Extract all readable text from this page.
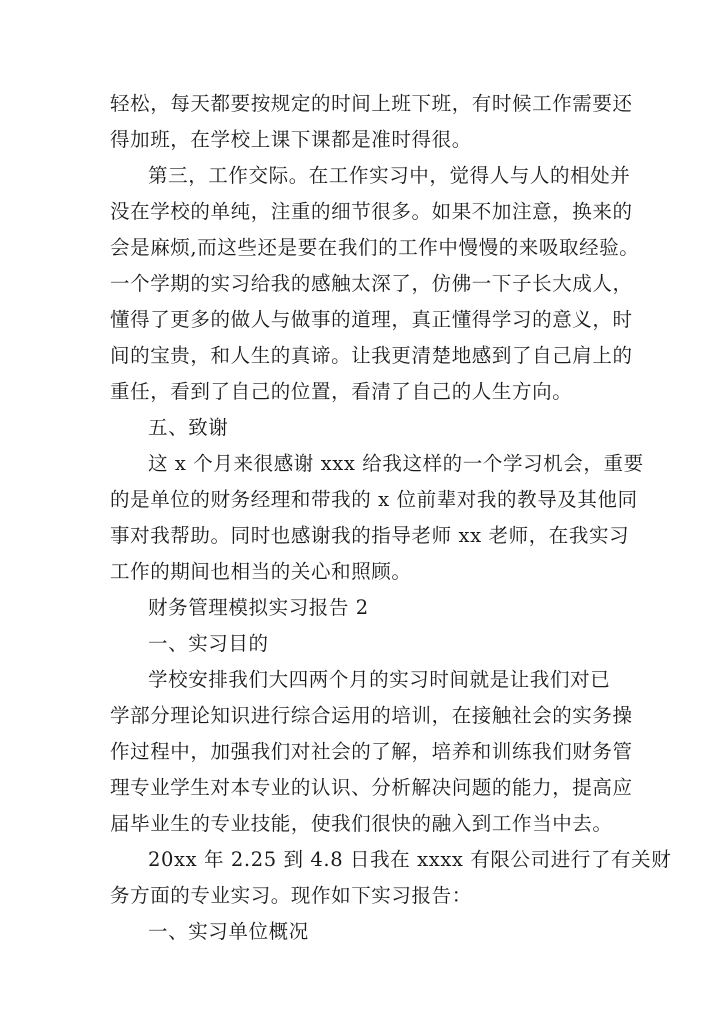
轻松，每天都要按规定的时间上班下班，有时候工作需要还
得加班，在学校上课下课都是准时得很。
第三，工作交际。在工作实习中，觉得人与人的相处并
没在学校的单纯，注重的细节很多。如果不加注意，换来的
会是麻烦,而这些还是要在我们的工作中慢慢的来吸取经验。
一个学期的实习给我的感触太深了，仿佛一下子长大成人，
懂得了更多的做人与做事的道理，真正懂得学习的意义，时
间的宝贵，和人生的真谛。让我更清楚地感到了自己肩上的
重任，看到了自己的位置，看清了自己的人生方向。
五、致谢
这 x 个月来很感谢 xxx 给我这样的一个学习机会，重要
的是单位的财务经理和带我的 x 位前辈对我的教导及其他同
事对我帮助。同时也感谢我的指导老师 xx 老师，在我实习
工作的期间也相当的关心和照顾。
财务管理模拟实习报告 2
一、实习目的
学校安排我们大四两个月的实习时间就是让我们对已
学部分理论知识进行综合运用的培训，在接触社会的实务操
作过程中，加强我们对社会的了解，培养和训练我们财务管
理专业学生对本专业的认识、分析解决问题的能力，提高应
届毕业生的专业技能，使我们很快的融入到工作当中去。
20xx 年 2.25 到 4.8 日我在 xxxx 有限公司进行了有关财
务方面的专业实习。现作如下实习报告：
一、实习单位概况
